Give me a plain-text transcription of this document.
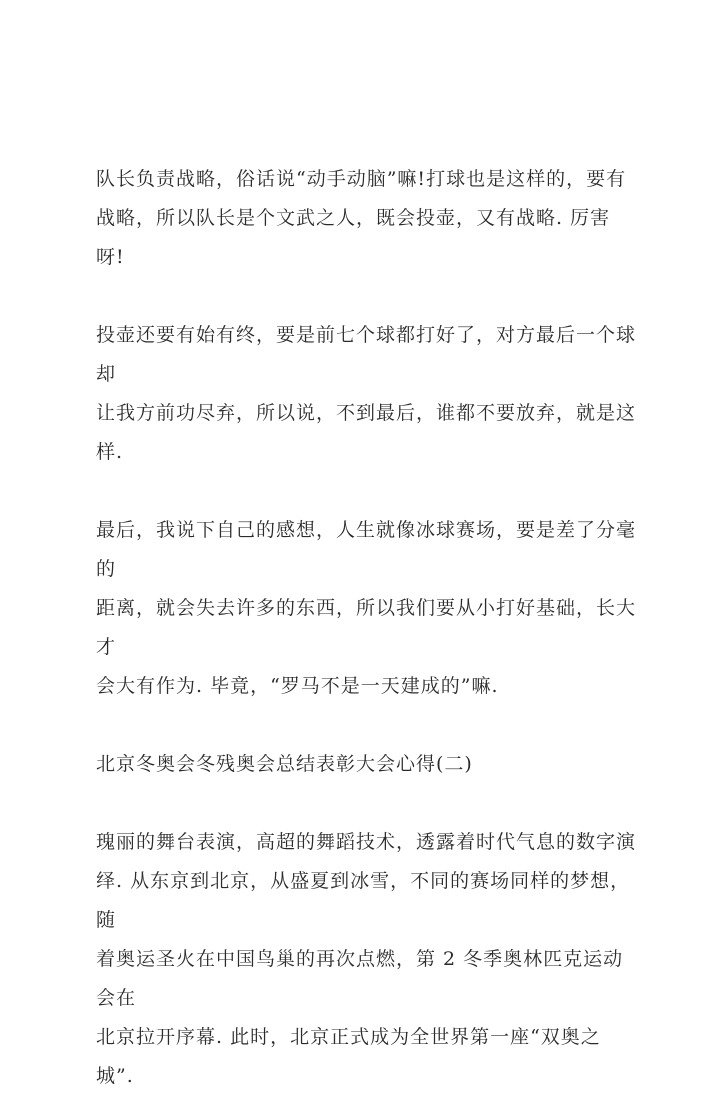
队长负责战略，俗话说“动手动脑”嘛!打球也是这样的，要有
战略，所以队长是个文武之人，既会投壶，又有战略. 厉害呀!

投壶还要有始有终，要是前七个球都打好了，对方最后一个球却
让我方前功尽弃，所以说，不到最后，谁都不要放弃，就是这
样.

最后，我说下自己的感想，人生就像冰球赛场，要是差了分毫的
距离，就会失去许多的东西，所以我们要从小打好基础，长大才
会大有作为. 毕竟，“罗马不是一天建成的”嘛.

北京冬奥会冬残奥会总结表彰大会心得(二)

瑰丽的舞台表演，高超的舞蹈技术，透露着时代气息的数字演
绎. 从东京到北京，从盛夏到冰雪，不同的赛场同样的梦想，随
着奥运圣火在中国鸟巢的再次点燃，第 2 冬季奥林匹克运动会在
北京拉开序幕. 此时，北京正式成为全世界第一座“双奥之
城”.
